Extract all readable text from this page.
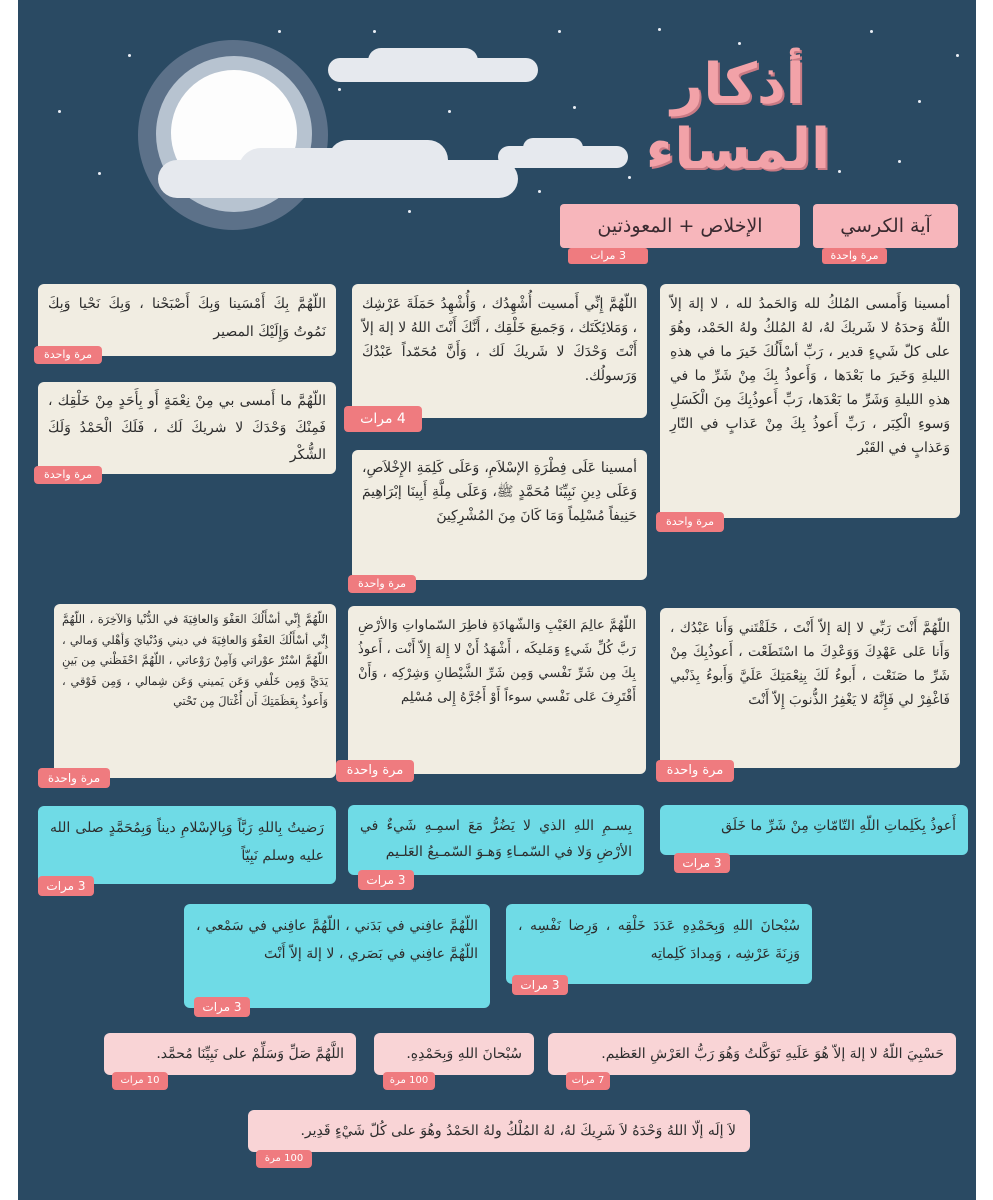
أذكار المساء
آية الكرسي
مرة واحدة
الإخلاص + المعوذتين
3 مرات

أمسينا وَأَمسى المُلكُ لله وَالحَمدُ لله ، لا إلهَ إلاّ اللّهُ وَحدَهُ لا شَريكَ لهُ، لهُ المُلكُ ولهُ الحَمْد، وهُوَ على كلّ شَيءٍ قدير ، رَبِّ أسْأَلُكَ خَيرَ ما في هذهِ الليلةِ وَخَيرَ ما بَعْدَها ، وَأَعوذُ بِكَ مِنْ شَرِّ ما في هذهِ الليلةِ وَشَرِّ ما بَعْدَها، رَبِّ أَعوذُبِكَ مِنَ الْكَسَلِ وَسوءِ الْكِبَر ، رَبِّ أَعوذُ بِكَ مِنْ عَذابٍ في النّارِ وَعَذابٍ في القَبْر

مرة واحدة

اللّهُمَّ إِنِّي أَمسيت أُشْهِدُك ، وَأُشْهِدُ حَمَلَةَ عَرْشِك ، وَمَلائِكَتَك ، وَجَميعَ خَلْقِك ، أَنَّكَ أَنْتَ اللهُ لا إلهَ إلاّ أَنْتَ وَحْدَكَ لا شَريكَ لَك ، وَأَنَّ مُحَمّداً عَبْدُكَ وَرَسولُك.

4 مرات

اللّهُمَّ بِكَ أَمْسَينا وَبِكَ أَصْبَحْنا ، وَبِكَ نَحْيا وَبِكَ نَمُوتُ وَإِلَيْكَ المصير

مرة واحدة

اللّهُمَّ ما أَمسى بي مِنْ نِعْمَةٍ أَو بِأَحَدٍ مِنْ خَلْقِك ، فَمِنْكَ وَحْدَكَ لا شريكَ لَك ، فَلَكَ الْحَمْدُ وَلَكَ الشُّكْر

مرة واحدة	أمسينا عَلَى فِطْرَةِ الإسْلاَمِ، وَعَلَى كَلِمَةِ الإِخْلاَصِ، وَعَلَى دِينِ نَبِيِّنَا مُحَمَّدٍ ﷺ، وَعَلَى مِلَّةِ أَبِينَا إبْرَاهِيمَ حَنِيفاً مُسْلِماً وَمَا كَانَ مِنَ المُشْرِكِينَ

مرة واحدة

اللّهُمَّ أَنْتَ رَبِّي لا إلهَ إلاّ أَنْتَ ، خَلَقْتَني وَأَنا عَبْدُك ، وَأَنا عَلى عَهْدِكَ وَوَعْدِكَ ما اسْتَطَعْت ، أَعوذُبِكَ مِنْ شَرِّ ما صَنَعْت ، أَبوءُ لَكَ بِنِعْمَتِكَ عَلَيَّ وَأَبوءُ بِذَنْبي فَاغْفِرْ لي فَإِنَّهُ لا يَغْفِرُ الذُّنوبَ إِلاّ أَنْتَ

مرة واحدة

اللّهُمَّ عالِمَ الغَيْبِ وَالشّهادَةِ فاطِرَ السّماواتِ وَالأرْضِ رَبَّ كُلِّ شَيءٍ وَمَليكَه ، أَشْهَدُ أَنْ لا إِلهَ إِلاّ أَنْت ، أَعوذُ بِكَ مِن شَرِّ نَفْسي وَمِن شَرِّ الشَّيْطانِ وَشِرْكِه ، وَأَنْ أَقْتَرِفَ عَلى نَفْسي سوءاً أَوْ أَجُرَّهُ إِلى مُسْلِم

مرة واحدة

اللّهُمَّ إِنِّي أسْأَلُكَ العَفْوَ وَالعافِيَةَ في الدُّنْيا وَالآخِرَة ، اللّهُمَّ إِنِّي أسْأَلُكَ العَفْوَ وَالعافِيَةَ في ديني وَدُنْيايَ وَأهْلي وَمالي ، اللّهُمَّ اسْتُرْ عوْراتي وَآمِنْ رَوْعاتي ، اللّهُمَّ احْفَظْني مِن بَينِ يَدَيَّ وَمِن خَلْفي وَعَن يَميني وَعَن شِمالي ، وَمِن فَوْقي ، وَأَعوذُ بِعَظَمَتِكَ أَن أُغْتالَ مِن تَحْتي

مرة واحدة

أَعوذُ بِكَلِماتِ اللّهِ التّامّاتِ مِنْ شَرِّ ما خَلَق

3 مرات

بِسـمِ اللهِ الذي لا يَضُرُّ مَعَ اسمِـهِ شَيءٌ في الأرْضِ وَلا في السّمـاءِ وَهـوَ السّمـيعُ العَلـيم

3 مرات

رَضيتُ بِاللهِ رَبَّاً وَبِالإسْلامِ ديناً وَبِمُحَمَّدٍ صلى الله عليه وسلم نَبِيّاً

3 مرات

سُبْحانَ اللهِ وَبِحَمْدِهِ عَدَدَ خَلْقِه ، وَرِضا نَفْسِه ، وَزِنَةَ عَرْشِه ، وَمِدادَ كَلِماتِه

3 مرات

اللّهُمَّ عافِني في بَدَني ، اللّهُمَّ عافِني في سَمْعي ، اللّهُمَّ عافِني في بَصَري ، لا إلهَ إلاّ أَنْتَ

3 مرات

حَسْبِيَ اللّهُ لا إلهَ إلاّ هُوَ عَلَيهِ تَوَكَّلتُ وَهُوَ رَبُّ العَرْشِ العَظيم.

7 مرات

سُبْحانَ اللهِ وَبِحَمْدِهِ.

100 مرة

اللَّهُمَّ صَلِّ وَسَلِّمْ على نَبِيِّنَا مُحمَّد.

10 مرات

لاَ إلَه إلّا اللهُ وَحْدَهُ لاَ شَرِيكَ لهُ، لهُ المُلْكُ ولهُ الحَمْدُ وهُوَ على كُلّ شَيْءٍ قَدِير.

100 مرة
